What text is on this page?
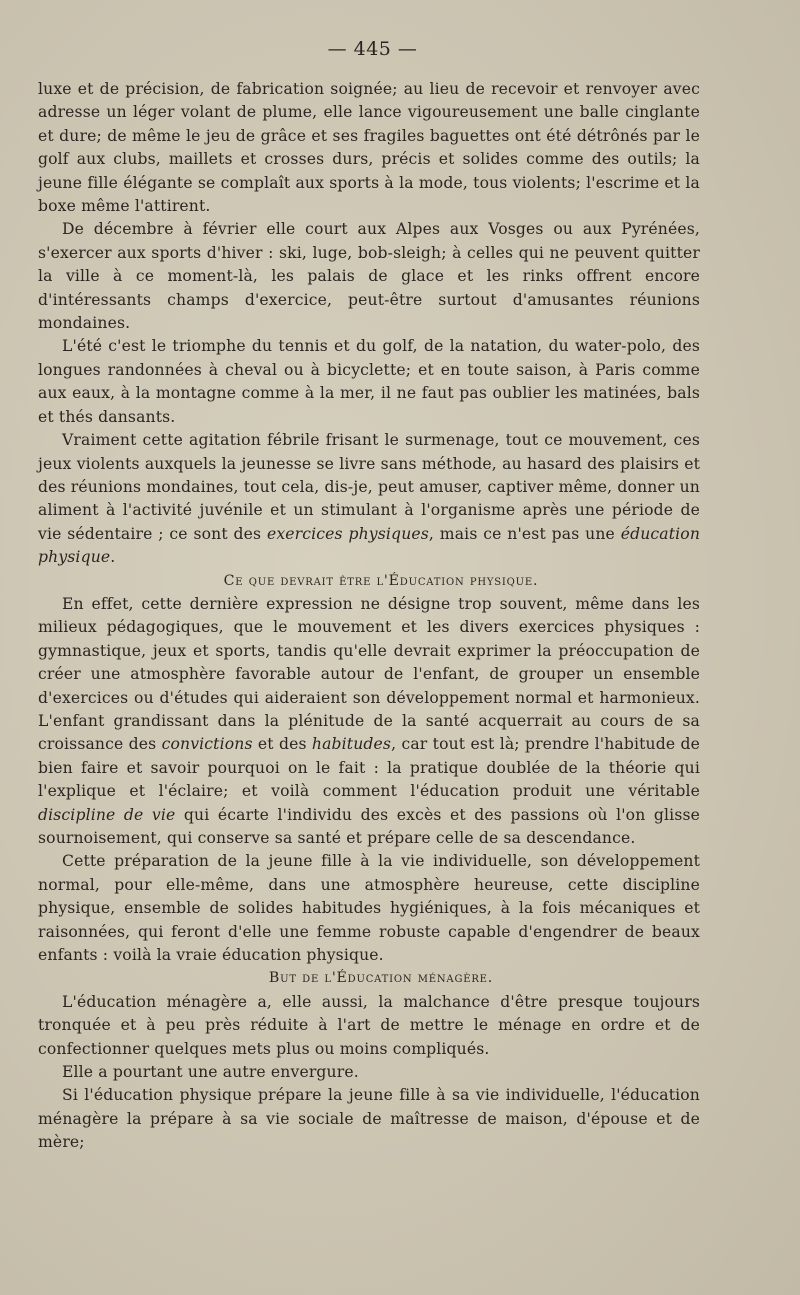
— 445 —

luxe et de précision, de fabrication soignée; au lieu de recevoir et renvoyer avec adresse un léger volant de plume, elle lance vigoureusement une balle cinglante et dure; de même le jeu de grâce et ses fragiles baguettes ont été détrônés par le golf aux clubs, maillets et crosses durs, précis et solides comme des outils; la jeune fille élégante se complaît aux sports à la mode, tous violents; l'escrime et la boxe même l'attirent.

De décembre à février elle court aux Alpes aux Vosges ou aux Pyrénées, s'exercer aux sports d'hiver : ski, luge, bob-sleigh; à celles qui ne peuvent quitter la ville à ce moment-là, les palais de glace et les rinks offrent encore d'intéressants champs d'exercice, peut-être surtout d'amusantes réunions mondaines.

L'été c'est le triomphe du tennis et du golf, de la natation, du water-polo, des longues randonnées à cheval ou à bicyclette; et en toute saison, à Paris comme aux eaux, à la montagne comme à la mer, il ne faut pas oublier les matinées, bals et thés dansants.

Vraiment cette agitation fébrile frisant le surmenage, tout ce mouvement, ces jeux violents auxquels la jeunesse se livre sans méthode, au hasard des plaisirs et des réunions mondaines, tout cela, dis-je, peut amuser, captiver même, donner un aliment à l'activité juvénile et un stimulant à l'organisme après une période de vie sédentaire ; ce sont des exercices physiques, mais ce n'est pas une éducation physique.

Ce que devrait être l'Éducation physique.

En effet, cette dernière expression ne désigne trop souvent, même dans les milieux pédagogiques, que le mouvement et les divers exercices physiques : gymnastique, jeux et sports, tandis qu'elle devrait exprimer la préoccupation de créer une atmosphère favorable autour de l'enfant, de grouper un ensemble d'exercices ou d'études qui aideraient son développement normal et harmonieux. L'enfant grandissant dans la plénitude de la santé acquerrait au cours de sa croissance des convictions et des habitudes, car tout est là; prendre l'habitude de bien faire et savoir pourquoi on le fait : la pratique doublée de la théorie qui l'explique et l'éclaire; et voilà comment l'éducation produit une véritable discipline de vie qui écarte l'individu des excès et des passions où l'on glisse sournoisement, qui conserve sa santé et prépare celle de sa descendance.

Cette préparation de la jeune fille à la vie individuelle, son développement normal, pour elle-même, dans une atmosphère heureuse, cette discipline physique, ensemble de solides habitudes hygiéniques, à la fois mécaniques et raisonnées, qui feront d'elle une femme robuste capable d'engendrer de beaux enfants : voilà la vraie éducation physique.

But de l'Éducation ménagère.

L'éducation ménagère a, elle aussi, la malchance d'être presque toujours tronquée et à peu près réduite à l'art de mettre le ménage en ordre et de confectionner quelques mets plus ou moins compliqués.

Elle a pourtant une autre envergure.

Si l'éducation physique prépare la jeune fille à sa vie individuelle, l'éducation ménagère la prépare à sa vie sociale de maîtresse de maison, d'épouse et de mère;
